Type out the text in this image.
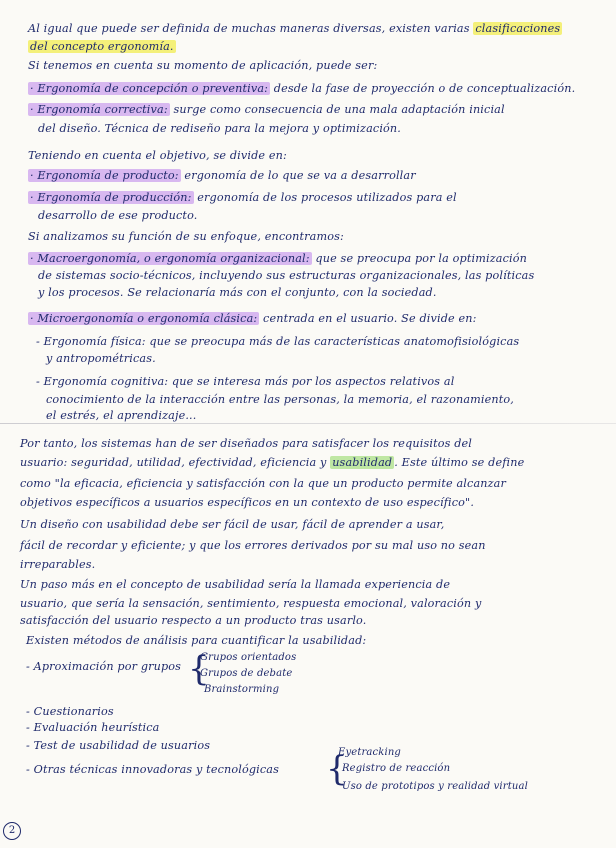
Al igual que puede ser definida de muchas maneras diversas, existen varias clasificaciones
del concepto ergonomía.
Si tenemos en cuenta su momento de aplicación, puede ser:
· Ergonomía de concepción o preventiva: desde la fase de proyección o de conceptualización.
· Ergonomía correctiva: surge como consecuencia de una mala adaptación inicial
del diseño. Técnica de rediseño para la mejora y optimización.
Teniendo en cuenta el objetivo, se divide en:
· Ergonomía de producto: ergonomía de lo que se va a desarrollar
· Ergonomía de producción: ergonomía de los procesos utilizados para el
desarrollo de ese producto.
Si analizamos su función de su enfoque, encontramos:
· Macroergonomía, o ergonomía organizacional: que se preocupa por la optimización
de sistemas socio-técnicos, incluyendo sus estructuras organizacionales, las políticas
y los procesos. Se relacionaría más con el conjunto, con la sociedad.
· Microergonomía o ergonomía clásica: centrada en el usuario. Se divide en:
- Ergonomía física: que se preocupa más de las características anatomofisiológicas
y antropométricas.
- Ergonomía cognitiva: que se interesa más por los aspectos relativos al
conocimiento de la interacción entre las personas, la memoria, el razonamiento,
el estrés, el aprendizaje...
Por tanto, los sistemas han de ser diseñados para satisfacer los requisitos del
usuario: seguridad, utilidad, efectividad, eficiencia y usabilidad . Este último se define
como "la eficacia, eficiencia y satisfacción con la que un producto permite alcanzar
objetivos específicos a usuarios específicos en un contexto de uso específico".
Un diseño con usabilidad debe ser fácil de usar, fácil de aprender a usar,
fácil de recordar y eficiente; y que los errores derivados por su mal uso no sean
irreparables.
Un paso más en el concepto de usabilidad sería la llamada experiencia de
usuario, que sería la sensación, sentimiento, respuesta emocional, valoración y
satisfacción del usuario respecto a un producto tras usarlo.
Existen métodos de análisis para cuantificar la usabilidad:
- Aproximación por grupos {
Grupos orientados
Grupos de debate
Brainstorming
- Cuestionarios
- Evaluación heurística
- Test de usabilidad de usuarios
- Otras técnicas innovadoras y tecnológicas {
Eyetracking
Registro de reacción
Uso de prototipos y realidad virtual
2
